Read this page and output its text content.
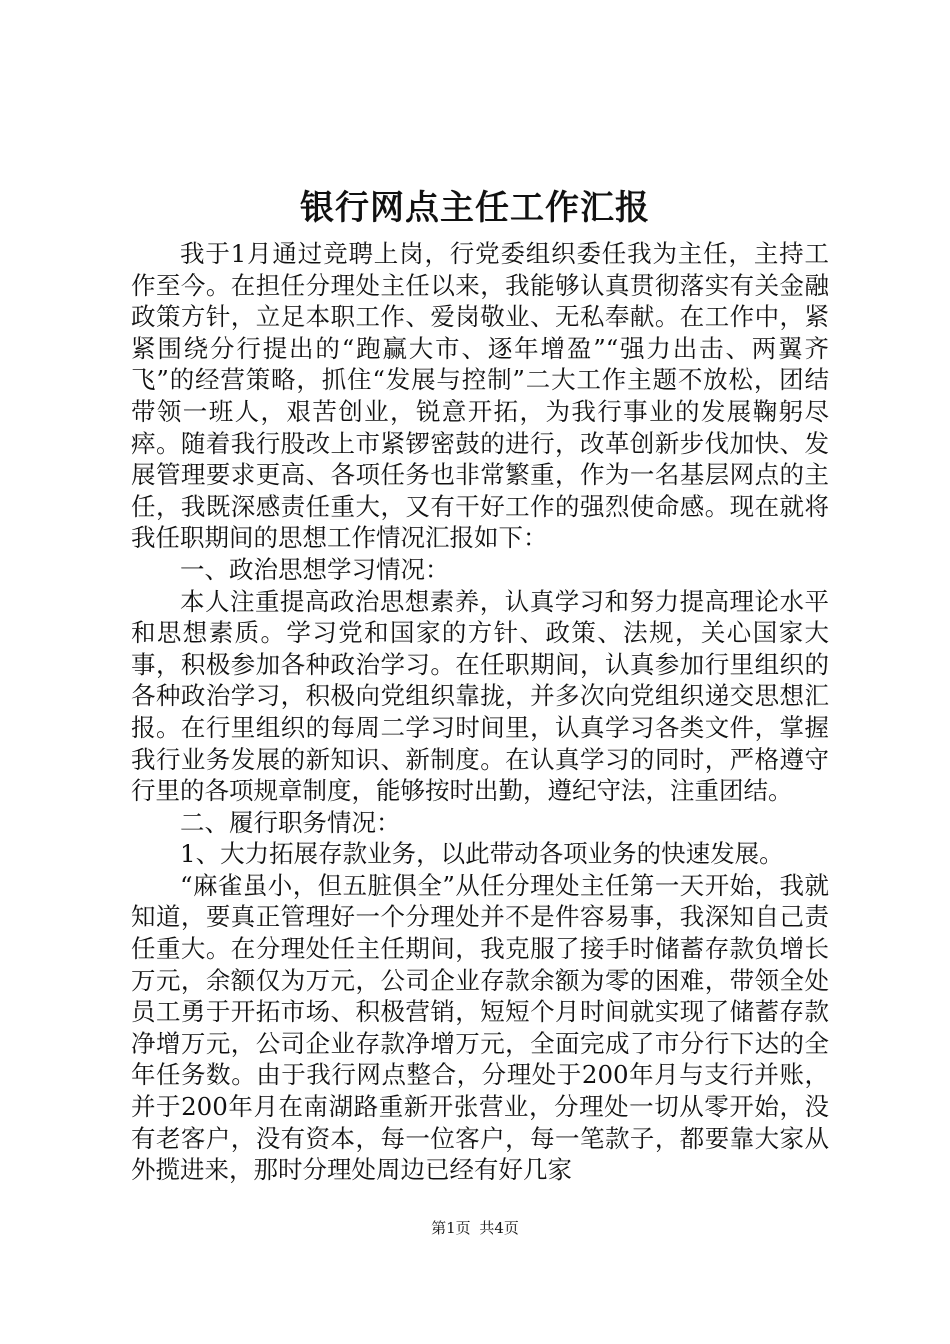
银行网点主任工作汇报

我于1月通过竞聘上岗，行党委组织委任我为主任，主持工作至今。在担任分理处主任以来，我能够认真贯彻落实有关金融政策方针，立足本职工作、爱岗敬业、无私奉献。在工作中，紧紧围绕分行提出的“跑赢大市、逐年增盈”“强力出击、两翼齐飞”的经营策略，抓住“发展与控制”二大工作主题不放松，团结带领一班人，艰苦创业，锐意开拓，为我行事业的发展鞠躬尽瘁。随着我行股改上市紧锣密鼓的进行，改革创新步伐加快、发展管理要求更高、各项任务也非常繁重，作为一名基层网点的主任，我既深感责任重大，又有干好工作的强烈使命感。现在就将我任职期间的思想工作情况汇报如下：

一、政治思想学习情况：

本人注重提高政治思想素养，认真学习和努力提高理论水平和思想素质。学习党和国家的方针、政策、法规，关心国家大事，积极参加各种政治学习。在任职期间，认真参加行里组织的各种政治学习，积极向党组织靠拢，并多次向党组织递交思想汇报。在行里组织的每周二学习时间里，认真学习各类文件，掌握我行业务发展的新知识、新制度。在认真学习的同时，严格遵守行里的各项规章制度，能够按时出勤，遵纪守法，注重团结。

二、履行职务情况：

1、大力拓展存款业务，以此带动各项业务的快速发展。

“麻雀虽小，但五脏俱全”从任分理处主任第一天开始，我就知道，要真正管理好一个分理处并不是件容易事，我深知自己责任重大。在分理处任主任期间，我克服了接手时储蓄存款负增长万元，余额仅为万元，公司企业存款余额为零的困难，带领全处员工勇于开拓市场、积极营销，短短个月时间就实现了储蓄存款净增万元，公司企业存款净增万元，全面完成了市分行下达的全年任务数。由于我行网点整合，分理处于200年月与支行并账，并于200年月在南湖路重新开张营业，分理处一切从零开始，没有老客户，没有资本，每一位客户，每一笔款子，都要靠大家从外揽进来，那时分理处周边已经有好几家

第1页 共4页
